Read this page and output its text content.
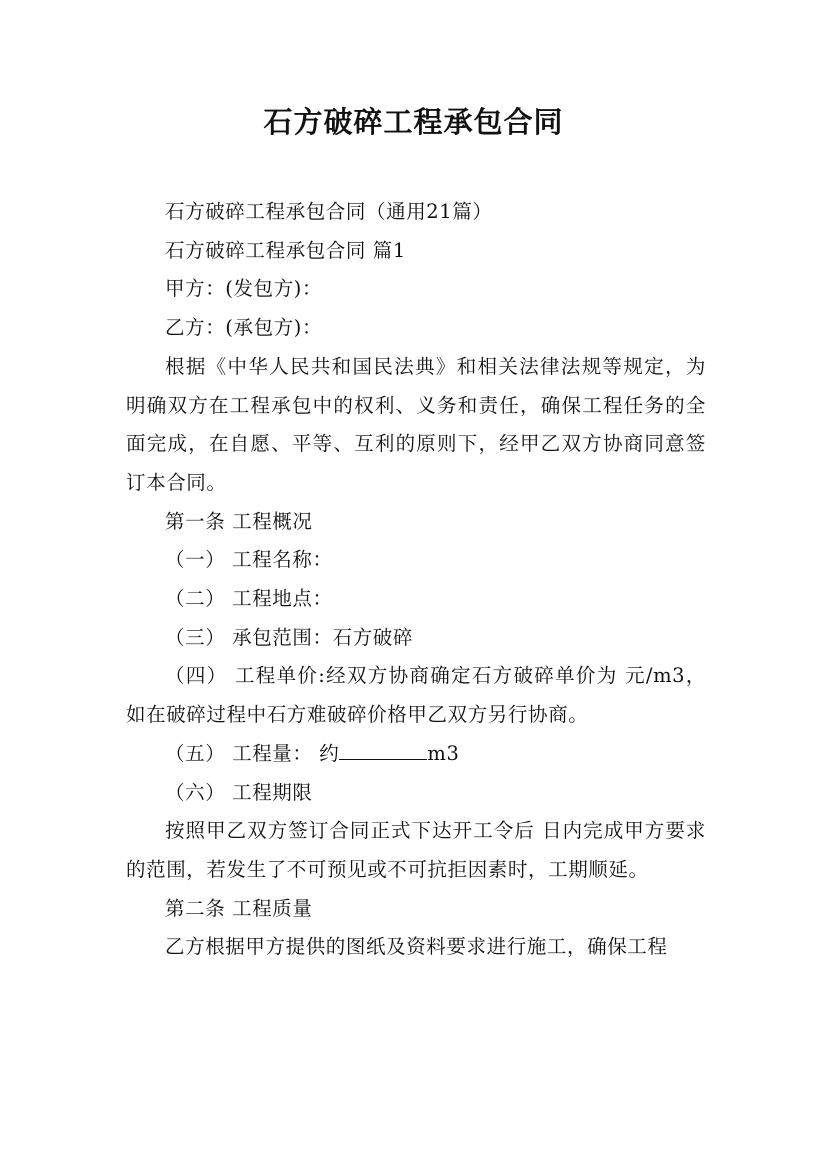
石方破碎工程承包合同

石方破碎工程承包合同（通用21篇）

石方破碎工程承包合同 篇1

甲方：(发包方)：

乙方：(承包方)：

根据《中华人民共和国民法典》和相关法律法规等规定，为明确双方在工程承包中的权利、义务和责任，确保工程任务的全面完成，在自愿、平等、互利的原则下，经甲乙双方协商同意签订本合同。

第一条 工程概况

（一） 工程名称：

（二） 工程地点：

（三） 承包范围：石方破碎

（四） 工程单价:经双方协商确定石方破碎单价为 元/m3，如在破碎过程中石方难破碎价格甲乙双方另行协商。

（五） 工程量： 约	m3

（六） 工程期限

按照甲乙双方签订合同正式下达开工令后 日内完成甲方要求的范围，若发生了不可预见或不可抗拒因素时，工期顺延。

第二条 工程质量

乙方根据甲方提供的图纸及资料要求进行施工，确保工程
